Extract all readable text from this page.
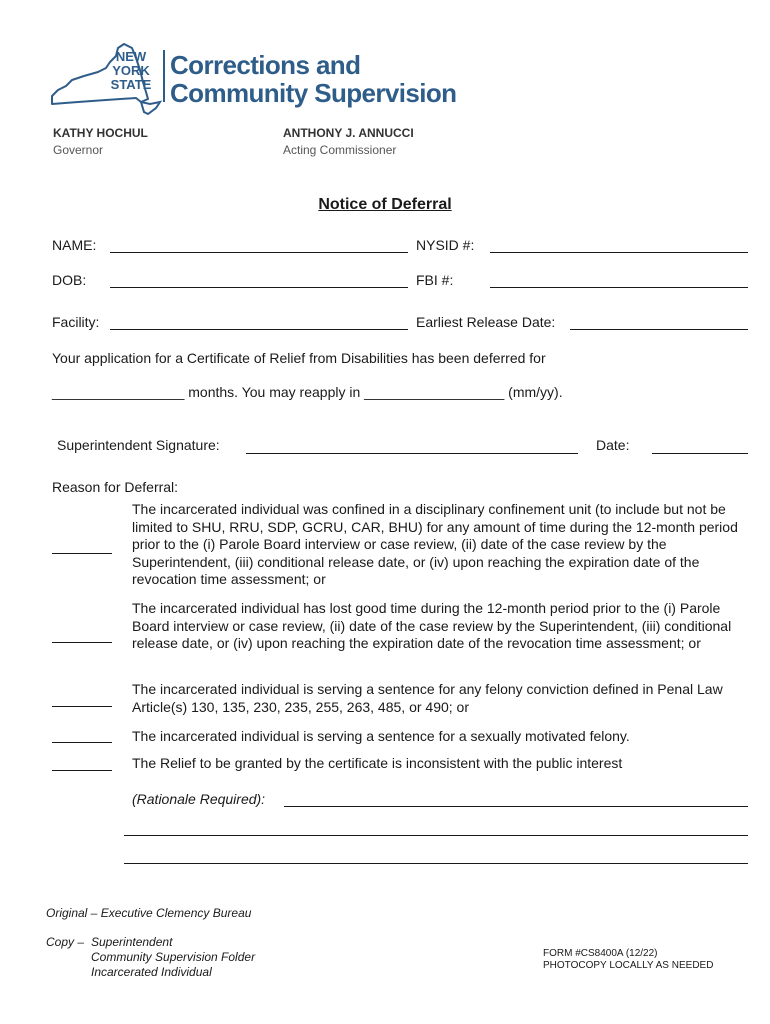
NEW
YORK
STATE
Corrections and
Community Supervision
KATHY HOCHUL
Governor
ANTHONY J. ANNUCCI
Acting Commissioner
Notice of Deferral
NAME:	NYSID #:
DOB:	FBI #:
Facility:	Earliest Release Date:
Your application for a Certificate of Relief from Disabilities has been deferred for
_________________ months. You may reapply in __________________ (mm/yy).
Superintendent Signature:	Date:
Reason for Deferral:
The incarcerated individual was confined in a disciplinary confinement unit (to include but not be limited to SHU, RRU, SDP, GCRU, CAR, BHU) for any amount of time during the 12-month period prior to the (i) Parole Board interview or case review, (ii) date of the case review by the Superintendent, (iii) conditional release date, or (iv) upon reaching the expiration date of the revocation time assessment; or
The incarcerated individual has lost good time during the 12-month period prior to the (i) Parole Board interview or case review, (ii) date of the case review by the Superintendent, (iii) conditional release date, or (iv) upon reaching the expiration date of the revocation time assessment; or
The incarcerated individual is serving a sentence for any felony conviction defined in Penal Law Article(s) 130, 135, 230, 235, 255, 263, 485, or 490; or
The incarcerated individual is serving a sentence for a sexually motivated felony.
The Relief to be granted by the certificate is inconsistent with the public interest
(Rationale Required):
Original – Executive Clemency Bureau
Copy – Superintendent
Community Supervision Folder
Incarcerated Individual
FORM #CS8400A (12/22)
PHOTOCOPY LOCALLY AS NEEDED
